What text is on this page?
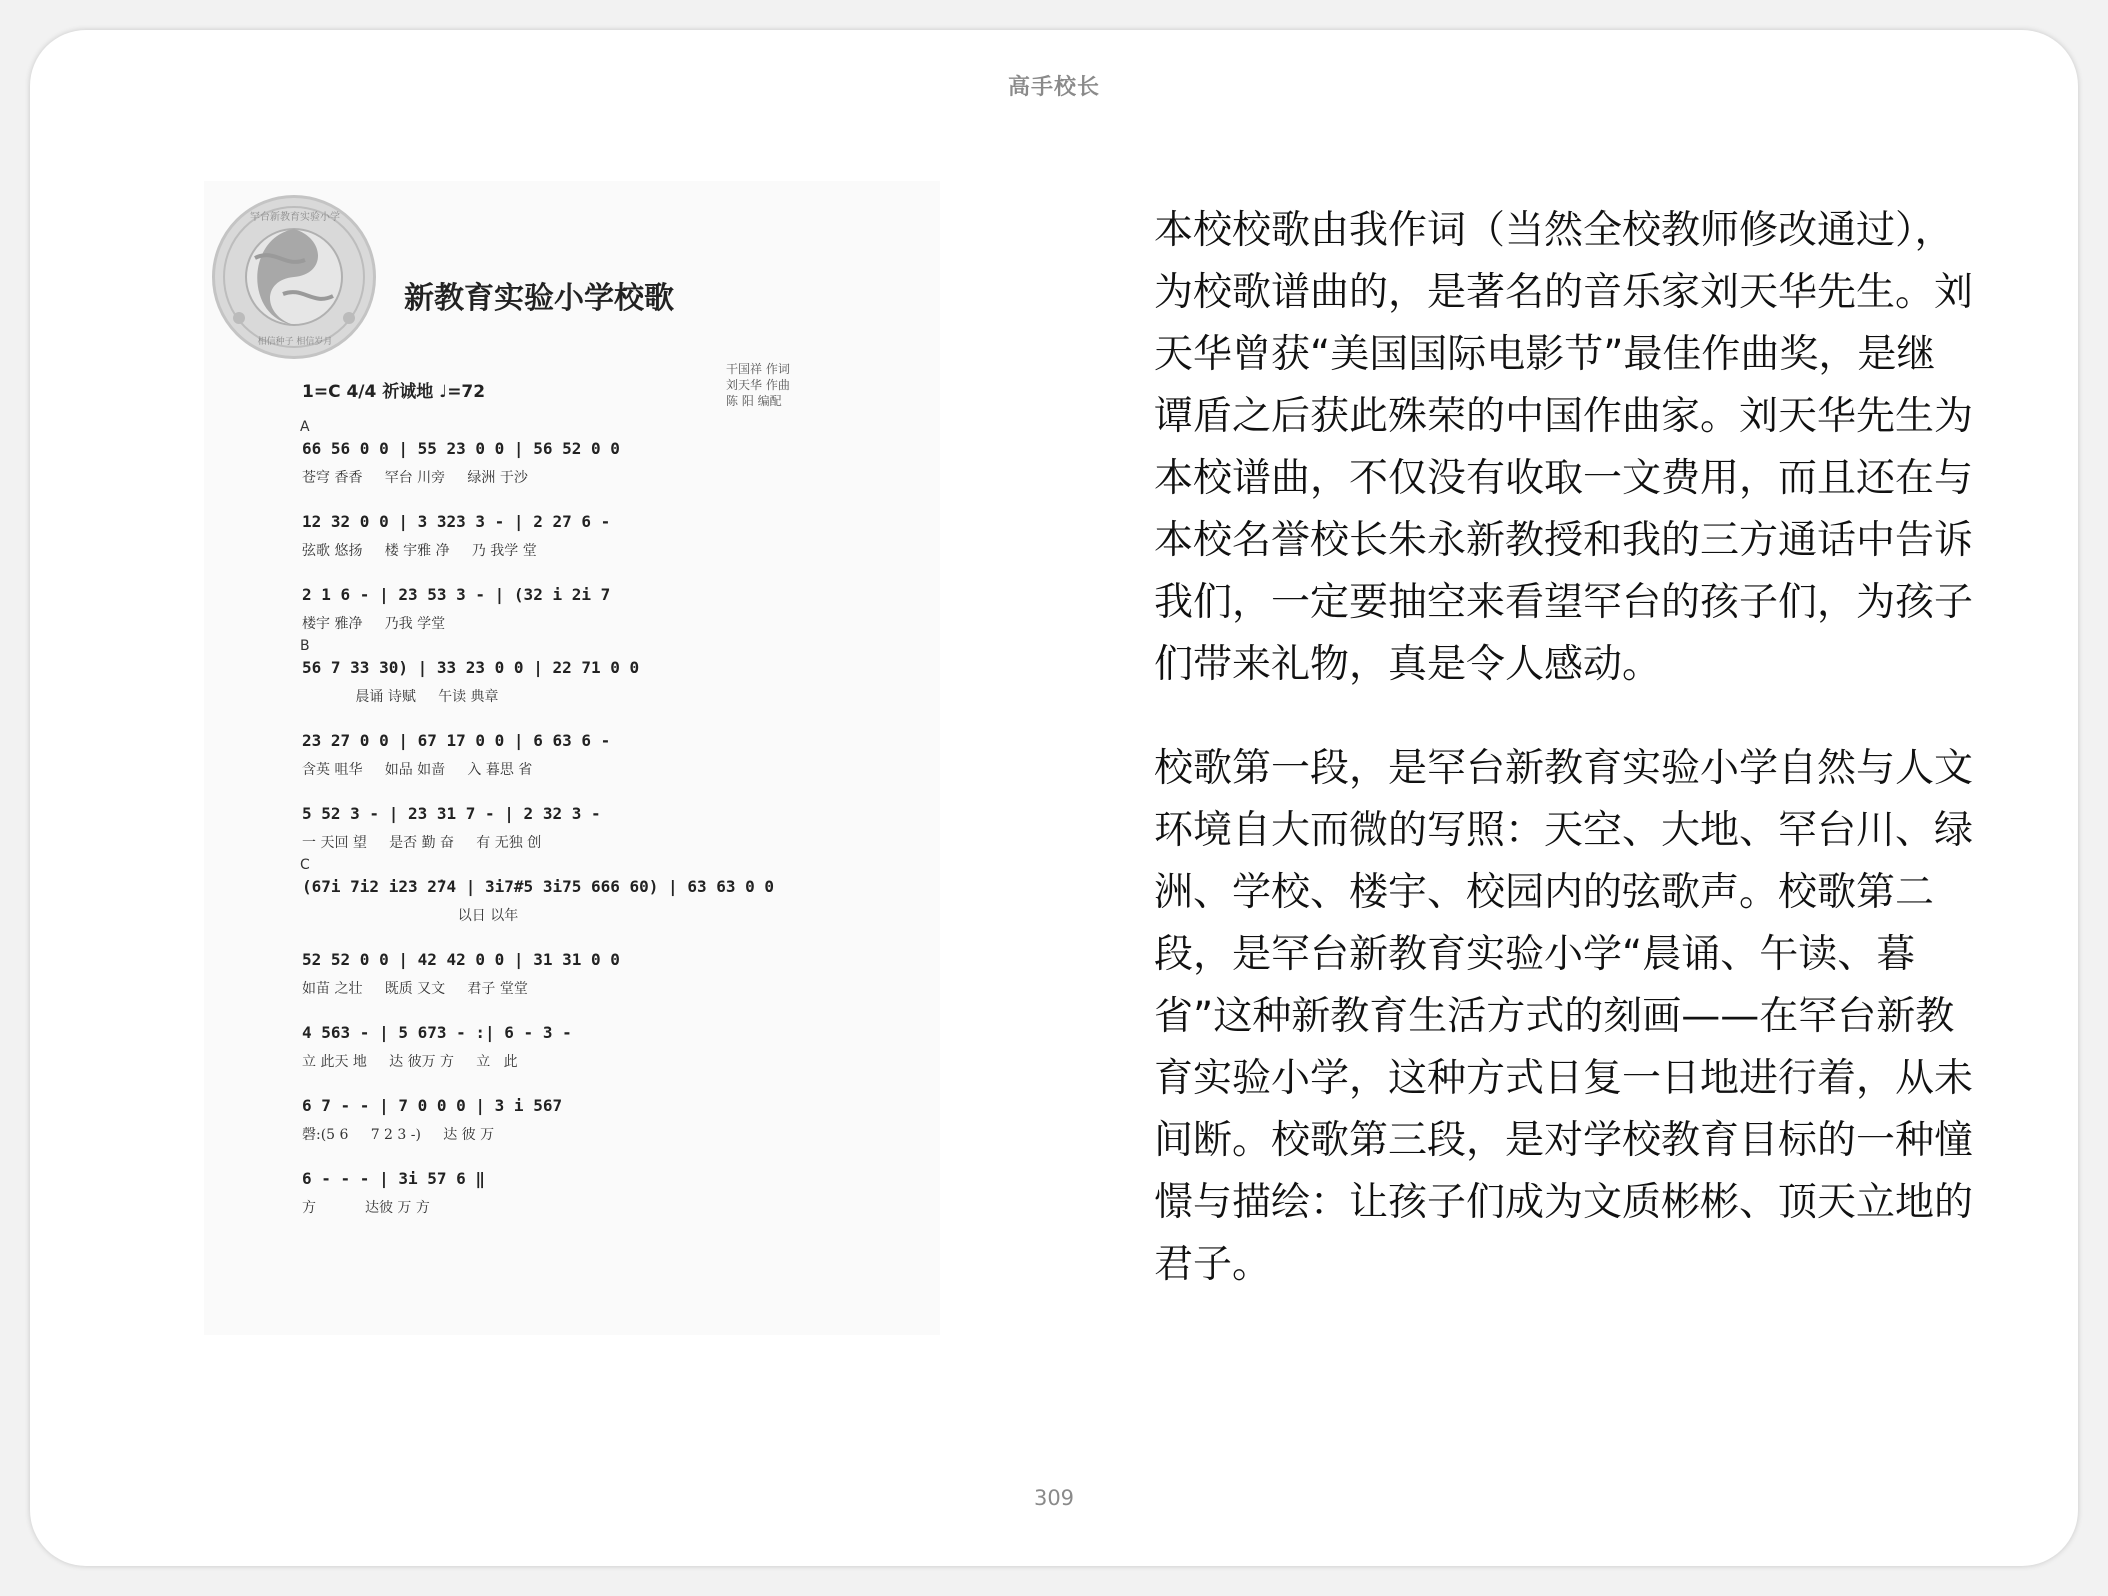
高手校长
罕台新教育实验小学
相信种子 相信岁月
新教育实验小学校歌
1=C 4/4 祈诚地 ♩=72
干国祥 作词
刘天华 作曲
陈 阳 编配
A
66 56 0 0 | 55 23 0 0 | 56 52 0 0
苍穹 香香     罕台 川旁     绿洲 于沙
12 32 0 0 | 3 323 3 - | 2 27 6 -
弦歌 悠扬     楼 宇雅 净     乃 我学 堂
2 1 6 - | 23 53 3 - | (32 i 2i 7
楼宇 雅净     乃我 学堂
B
56 7 33 30) | 33 23 0 0 | 22 71 0 0
晨诵 诗赋     午读 典章
23 27 0 0 | 67 17 0 0 | 6 63 6 -
含英 咀华     如品 如啬     入 暮思 省
5 52 3 - | 23 31 7 - | 2 32 3 -
一 天回 望     是否 勤 奋     有 无独 创
C
(67i 7i2 i23 2̇74 | 3i7#5 3i75 666 60) | 63 63 0 0
以日 以年
52 52 0 0 | 42 42 0 0 | 31 31 0 0
如苗 之壮     既质 又文     君子 堂堂
4 563 - | 5 673 - :| 6 - 3 -
立 此天 地     达 彼万 方     立   此
6 7 - - | 7 0 0 0 | 3 i 567
磬:(5 6     7 2 3 -)     达 彼 万
6 - - - | 3i 57 6 ‖
方           达彼 万 方

本校校歌由我作词（当然全校教师修改通过），为校歌谱曲的，是著名的音乐家刘天华先生。刘天华曾获“美国国际电影节”最佳作曲奖，是继谭盾之后获此殊荣的中国作曲家。刘天华先生为本校谱曲，不仅没有收取一文费用，而且还在与本校名誉校长朱永新教授和我的三方通话中告诉我们，一定要抽空来看望罕台的孩子们，为孩子们带来礼物，真是令人感动。

校歌第一段，是罕台新教育实验小学自然与人文环境自大而微的写照：天空、大地、罕台川、绿洲、学校、楼宇、校园内的弦歌声。校歌第二段，是罕台新教育实验小学“晨诵、午读、暮省”这种新教育生活方式的刻画——在罕台新教育实验小学，这种方式日复一日地进行着，从未间断。校歌第三段，是对学校教育目标的一种憧憬与描绘：让孩子们成为文质彬彬、顶天立地的君子。

309
